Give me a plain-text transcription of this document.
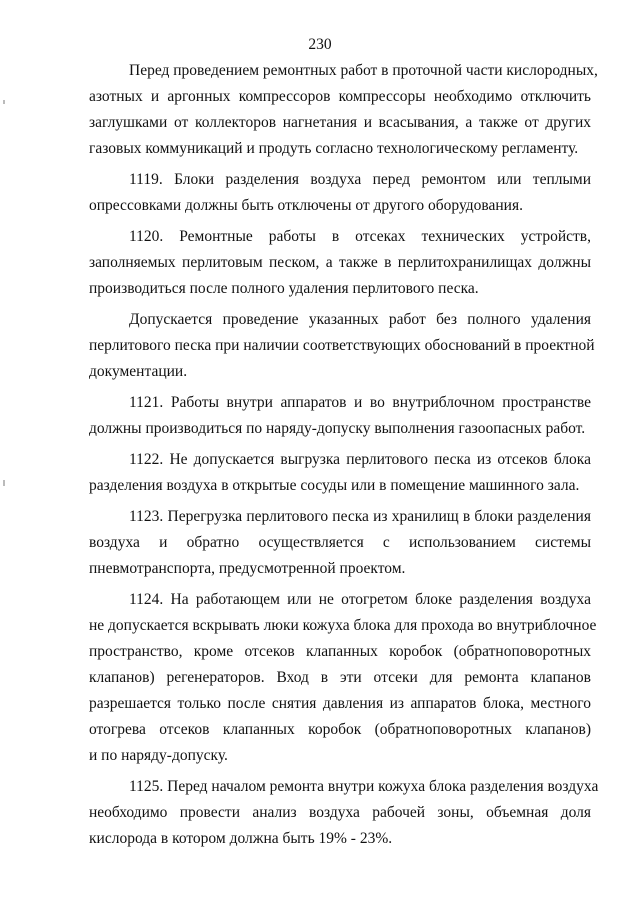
230
Перед проведением ремонтных работ в проточной части кислородных,
азотных и аргонных компрессоров компрессоры необходимо отключить
заглушками от коллекторов нагнетания и всасывания, а также от других
газовых коммуникаций и продуть согласно технологическому регламенту.
1119. Блоки разделения воздуха перед ремонтом или теплыми
опрессовками должны быть отключены от другого оборудования.
1120. Ремонтные работы в отсеках технических устройств,
заполняемых перлитовым песком, а также в перлитохранилищах должны
производиться после полного удаления перлитового песка.
Допускается проведение указанных работ без полного удаления
перлитового песка при наличии соответствующих обоснований в проектной
документации.
1121. Работы внутри аппаратов и во внутриблочном пространстве
должны производиться по наряду-допуску выполнения газоопасных работ.
1122. Не допускается выгрузка перлитового песка из отсеков блока
разделения воздуха в открытые сосуды или в помещение машинного зала.
1123. Перегрузка перлитового песка из хранилищ в блоки разделения
воздуха и обратно осуществляется с использованием системы
пневмотранспорта, предусмотренной проектом.
1124. На работающем или не отогретом блоке разделения воздуха
не допускается вскрывать люки кожуха блока для прохода во внутриблочное
пространство, кроме отсеков клапанных коробок (обратноповоротных
клапанов) регенераторов. Вход в эти отсеки для ремонта клапанов
разрешается только после снятия давления из аппаратов блока, местного
отогрева отсеков клапанных коробок (обратноповоротных клапанов)
и по наряду-допуску.
1125. Перед началом ремонта внутри кожуха блока разделения воздуха
необходимо провести анализ воздуха рабочей зоны, объемная доля
кислорода в котором должна быть 19% - 23%.
